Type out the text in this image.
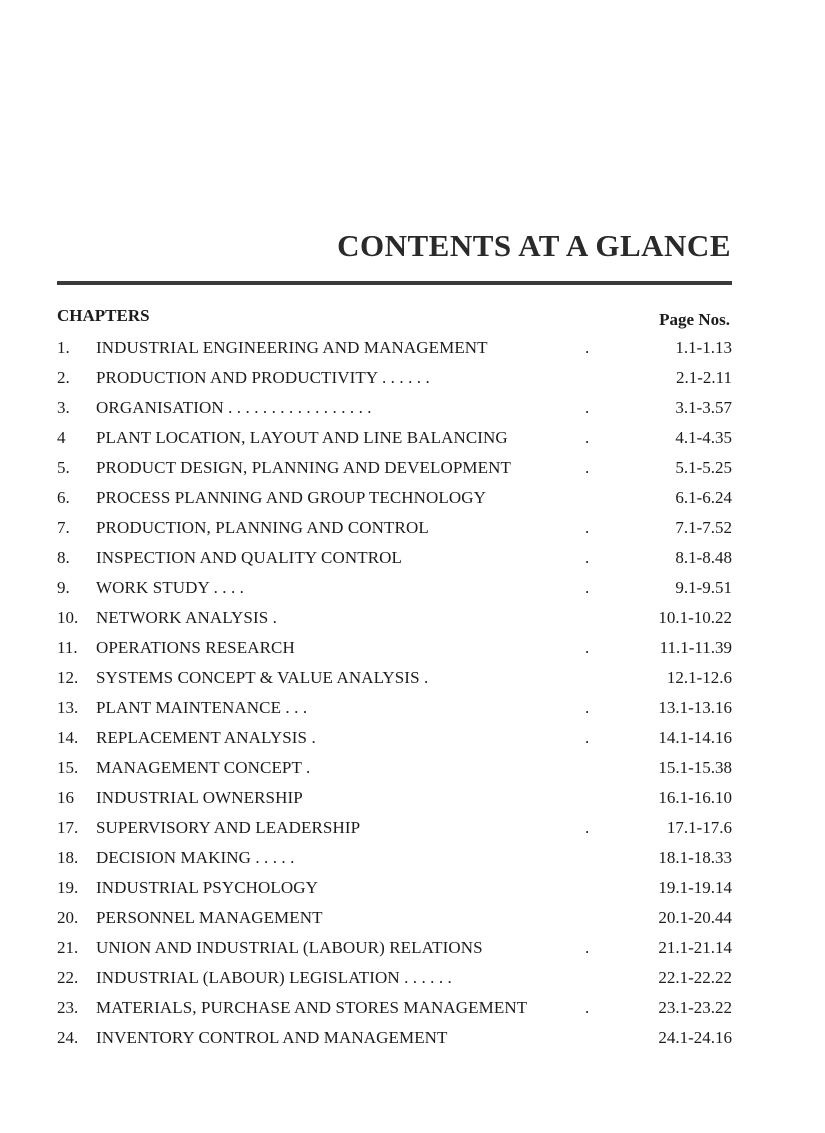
CONTENTS AT A GLANCE
CHAPTERS	Page Nos.
1. INDUSTRIAL ENGINEERING AND MANAGEMENT	.	1.1-1.13
2. PRODUCTION AND PRODUCTIVITY . . . . . .	2.1-2.11
3. ORGANISATION . . . . . . . . . . . . . . . . .	.	3.1-3.57
4 PLANT LOCATION, LAYOUT AND LINE BALANCING	.	4.1-4.35
5. PRODUCT DESIGN, PLANNING AND DEVELOPMENT	.	5.1-5.25
6. PROCESS PLANNING AND GROUP TECHNOLOGY	6.1-6.24
7. PRODUCTION, PLANNING AND CONTROL	.	7.1-7.52
8. INSPECTION AND QUALITY CONTROL	.	8.1-8.48
9. WORK STUDY . . . .	.	9.1-9.51
10. NETWORK ANALYSIS .	10.1-10.22
11. OPERATIONS RESEARCH	.	11.1-11.39
12. SYSTEMS CONCEPT & VALUE ANALYSIS .	12.1-12.6
13. PLANT MAINTENANCE . . .	.	13.1-13.16
14. REPLACEMENT ANALYSIS .	.	14.1-14.16
15. MANAGEMENT CONCEPT .	15.1-15.38
16 INDUSTRIAL OWNERSHIP	16.1-16.10
17. SUPERVISORY AND LEADERSHIP	.	17.1-17.6
18. DECISION MAKING . . . . .	18.1-18.33
19. INDUSTRIAL PSYCHOLOGY	19.1-19.14
20. PERSONNEL MANAGEMENT	20.1-20.44
21. UNION AND INDUSTRIAL (LABOUR) RELATIONS	.	21.1-21.14
22. INDUSTRIAL (LABOUR) LEGISLATION . . . . . .	22.1-22.22
23. MATERIALS, PURCHASE AND STORES MANAGEMENT	.	23.1-23.22
24. INVENTORY CONTROL AND MANAGEMENT	24.1-24.16
